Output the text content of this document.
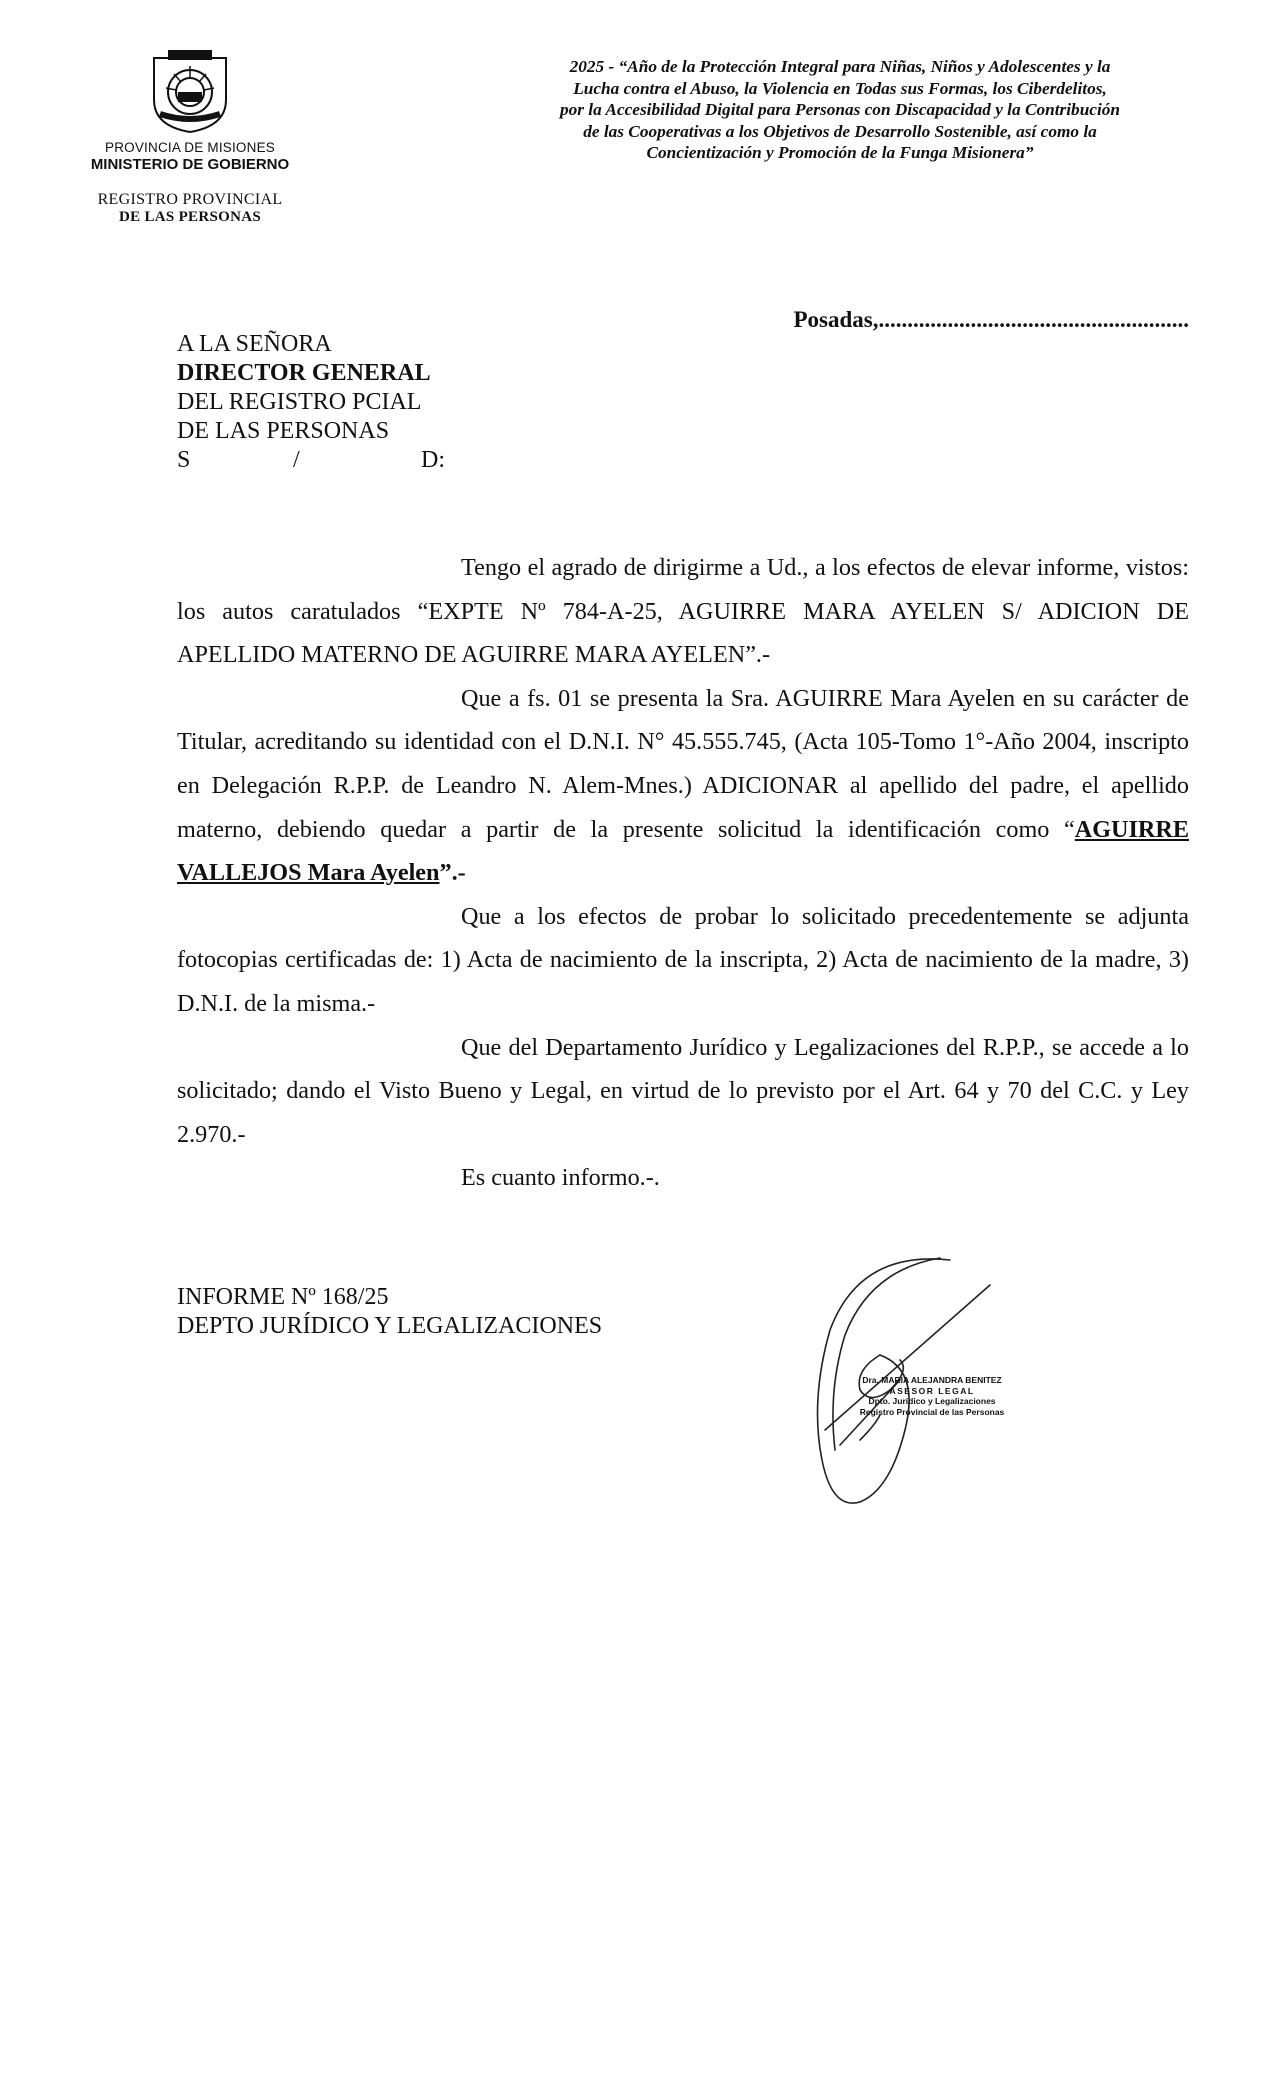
PROVINCIA DE MISIONES
MINISTERIO DE GOBIERNO
REGISTRO PROVINCIAL
DE LAS PERSONAS
2025 - “Año de la Protección Integral para Niñas, Niños y Adolescentes y la
Lucha contra el Abuso, la Violencia en Todas sus Formas, los Ciberdelitos,
por la Accesibilidad Digital para Personas con Discapacidad y la Contribución
de las Cooperativas a los Objetivos de Desarrollo Sostenible, así como la
Concientización y Promoción de la Funga Misionera”
Posadas,......................................................
A LA SEÑORA
DIRECTOR GENERAL
DEL REGISTRO PCIAL
DE LAS PERSONAS
S	/	D:

Tengo el agrado de dirigirme a Ud., a los efectos de elevar informe, vistos: los autos caratulados “EXPTE Nº 784-A-25, AGUIRRE MARA AYELEN S/ ADICION DE APELLIDO MATERNO DE AGUIRRE MARA AYELEN”.-

Que a fs. 01 se presenta la Sra. AGUIRRE Mara Ayelen en su carácter de Titular, acreditando su identidad con el D.N.I. N° 45.555.745, (Acta 105-Tomo 1°-Año 2004, inscripto en Delegación R.P.P. de Leandro N. Alem-Mnes.) ADICIONAR al apellido del padre, el apellido materno, debiendo quedar a partir de la presente solicitud la identificación como “AGUIRRE VALLEJOS Mara Ayelen”.-

Que a los efectos de probar lo solicitado precedentemente se adjunta fotocopias certificadas de: 1) Acta de nacimiento de la inscripta, 2) Acta de nacimiento de la madre, 3) D.N.I. de la misma.-

Que del Departamento Jurídico y Legalizaciones del R.P.P., se accede a lo solicitado; dando el Visto Bueno y Legal, en virtud de lo previsto por el Art. 64 y 70 del C.C. y Ley 2.970.-

Es cuanto informo.-.

INFORME Nº 168/25
DEPTO JURÍDICO Y LEGALIZACIONES
Dra. MARIA ALEJANDRA BENITEZ
ASESOR LEGAL
Dpto. Jurídico y Legalizaciones
Registro Provincial de las Personas
